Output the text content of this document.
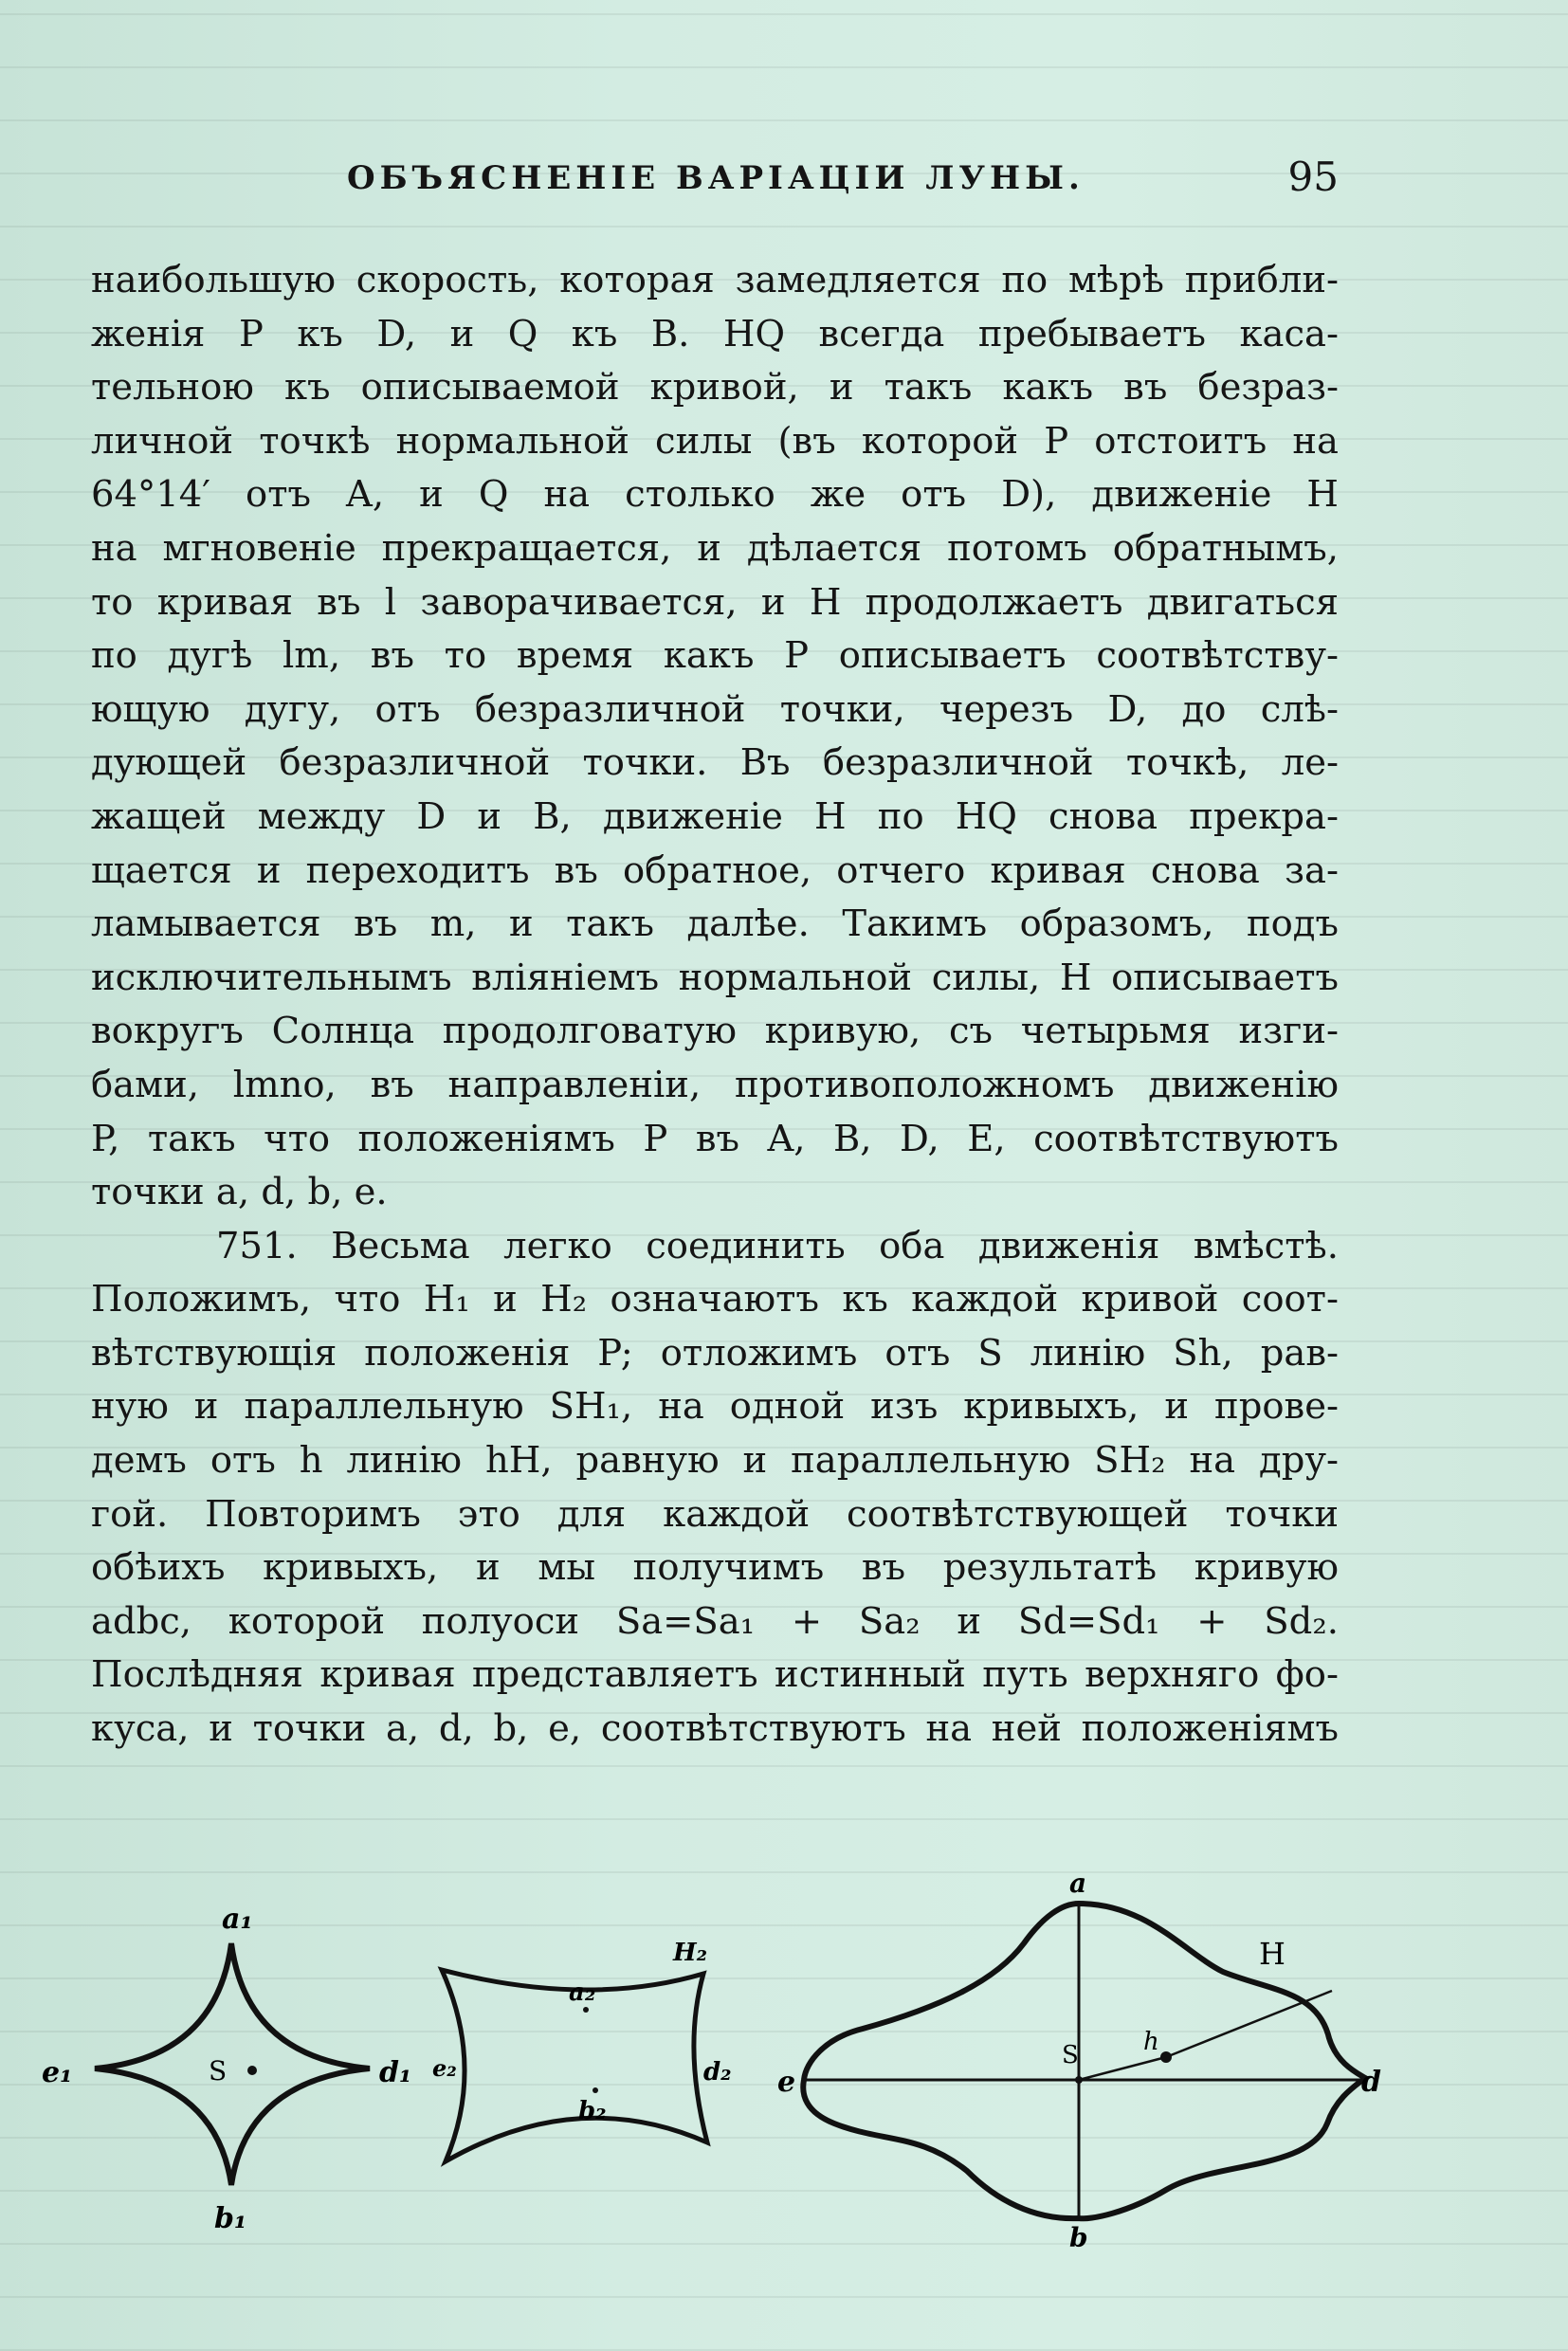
ОБЪЯСНЕНІЕ ВАРІАЦІИ ЛУНЫ.	95
наибольшую скорость, которая замедляется по мѣрѣ прибли-
женія P къ D, и Q къ B. HQ всегда пребываетъ каса-
тельною къ описываемой кривой, и такъ какъ въ безраз-
личной точкѣ нормальной силы (въ которой P отстоитъ на
64°14′ отъ A, и Q на столько же отъ D), движеніе H
на мгновеніе прекращается, и дѣлается потомъ обратнымъ,
то кривая въ l заворачивается, и H продолжаетъ двигаться
по дугѣ lm, въ то время какъ P описываетъ соотвѣтству-
ющую дугу, отъ безразличной точки, черезъ D, до слѣ-
дующей безразличной точки. Въ безразличной точкѣ, ле-
жащей между D и B, движеніе H по HQ снова прекра-
щается и переходитъ въ обратное, отчего кривая снова за-
ламывается въ m, и такъ далѣе. Такимъ образомъ, подъ
исключительнымъ вліяніемъ нормальной силы, H описываетъ
вокругъ Солнца продолговатую кривую, съ четырьмя изги-
бами, lmno, въ направленіи, противоположномъ движенію
P, такъ что положеніямъ P въ A, B, D, E, соотвѣтствуютъ
точки a, d, b, e.
751. Весьма легко соединить оба движенія вмѣстѣ.
Положимъ, что H₁ и H₂ означаютъ къ каждой кривой соот-
вѣтствующія положенія P; отложимъ отъ S линію Sh, рав-
ную и параллельную SH₁, на одной изъ кривыхъ, и прове-
демъ отъ h линію hH, равную и параллельную SH₂ на дру-
гой. Повторимъ это для каждой соотвѣтствующей точки
обѣихъ кривыхъ, и мы получимъ въ результатѣ кривую
adbc, которой полуоси Sa=Sa₁ + Sa₂ и Sd=Sd₁ + Sd₂.
Послѣдняя кривая представляетъ истинный путь верхняго фо-
куса, и точки a, d, b, e, соотвѣтствуютъ на ней положеніямъ
a₁
e₁	S	d₁
b₁
H₂
a₂
e₂	d₂
b₂
a
H
e
S	h
d
b
